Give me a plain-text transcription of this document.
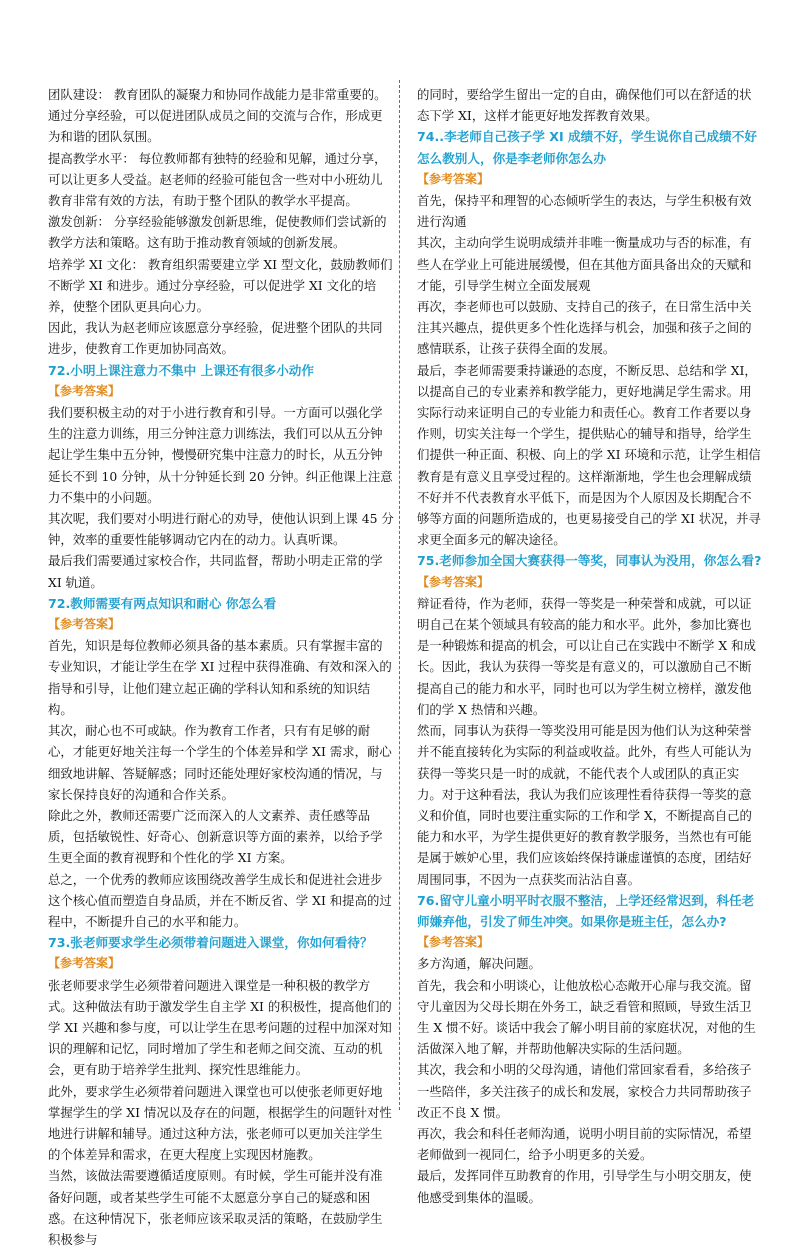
团队建设： 教育团队的凝聚力和协同作战能力是非常重要的。通过分享经验，可以促进团队成员之间的交流与合作，形成更为和谐的团队氛围。

提高教学水平： 每位教师都有独特的经验和见解，通过分享，可以让更多人受益。赵老师的经验可能包含一些对中小班幼儿教育非常有效的方法，有助于整个团队的教学水平提高。

激发创新： 分享经验能够激发创新思维，促使教师们尝试新的教学方法和策略。这有助于推动教育领域的创新发展。

培养学 XI 文化： 教育组织需要建立学 XI 型文化，鼓励教师们不断学 XI 和进步。通过分享经验，可以促进学 XI 文化的培养，使整个团队更具向心力。

因此，我认为赵老师应该愿意分享经验，促进整个团队的共同进步，使教育工作更加协同高效。

72.小明上课注意力不集中 上课还有很多小动作

【参考答案】

我们要积极主动的对于小进行教育和引导。一方面可以强化学生的注意力训练，用三分钟注意力训练法，我们可以从五分钟起让学生集中五分钟，慢慢研究集中注意力的时长，从五分钟延长不到 10 分钟，从十分钟延长到 20 分钟。纠正他课上注意力不集中的小问题。

其次呢，我们要对小明进行耐心的劝导，使他认识到上课 45 分钟，效率的重要性能够调动它内在的动力。认真听课。

最后我们需要通过家校合作，共同监督，帮助小明走正常的学 XI 轨道。

72.教师需要有两点知识和耐心 你怎么看

【参考答案】

首先，知识是每位教师必须具备的基本素质。只有掌握丰富的专业知识，才能让学生在学 XI 过程中获得准确、有效和深入的指导和引导，让他们建立起正确的学科认知和系统的知识结构。

其次，耐心也不可或缺。作为教育工作者，只有有足够的耐心，才能更好地关注每一个学生的个体差异和学 XI 需求，耐心细致地讲解、答疑解惑；同时还能处理好家校沟通的情况，与家长保持良好的沟通和合作关系。

除此之外，教师还需要广泛而深入的人文素养、责任感等品质，包括敏锐性、好奇心、创新意识等方面的素养，以给予学生更全面的教育视野和个性化的学 XI 方案。

总之，一个优秀的教师应该围绕改善学生成长和促进社会进步这个核心值而塑造自身品质，并在不断反省、学 XI 和提高的过程中，不断提升自己的水平和能力。

73.张老师要求学生必须带着问题进入课堂，你如何看待？

【参考答案】

张老师要求学生必须带着问题进入课堂是一种积极的教学方式。这种做法有助于激发学生自主学 XI 的积极性，提高他们的学 XI 兴趣和参与度，可以让学生在思考问题的过程中加深对知识的理解和记忆，同时增加了学生和老师之间交流、互动的机会，更有助于培养学生批判、探究性思维能力。

此外，要求学生必须带着问题进入课堂也可以使张老师更好地掌握学生的学 XI 情况以及存在的问题，根据学生的问题针对性地进行讲解和辅导。通过这种方法，张老师可以更加关注学生的个体差异和需求，在更大程度上实现因材施教。

当然，该做法需要遵循适度原则。有时候，学生可能并没有准备好问题，或者某些学生可能不太愿意分享自己的疑惑和困惑。在这种情况下，张老师应该采取灵活的策略，在鼓励学生积极参与

的同时，要给学生留出一定的自由，确保他们可以在舒适的状态下学 XI，这样才能更好地发挥教育效果。

74..李老师自己孩子学 XI 成绩不好，学生说你自己成绩不好怎么教别人，你是李老师你怎么办

【参考答案】

首先，保持平和理智的心态倾听学生的表达，与学生积极有效进行沟通

其次，主动向学生说明成绩并非唯一衡量成功与否的标准，有些人在学业上可能进展缓慢，但在其他方面具备出众的天赋和才能，引导学生树立全面发展观

再次，李老师也可以鼓励、支持自己的孩子，在日常生活中关注其兴趣点，提供更多个性化选择与机会，加强和孩子之间的感情联系，让孩子获得全面的发展。

最后，李老师需要秉持谦逊的态度，不断反思、总结和学 XI，以提高自己的专业素养和教学能力，更好地满足学生需求。用实际行动来证明自己的专业能力和责任心。教育工作者要以身作则，切实关注每一个学生，提供贴心的辅导和指导，给学生们提供一种正面、积极、向上的学 XI 环境和示范，让学生相信教育是有意义且享受过程的。这样渐渐地，学生也会理解成绩不好并不代表教育水平低下，而是因为个人原因及长期配合不够等方面的问题所造成的，也更易接受自己的学 XI 状况，并寻求更全面多元的解决途径。

75.老师参加全国大赛获得一等奖，同事认为没用，你怎么看?

【参考答案】

辩证看待，作为老师，获得一等奖是一种荣誉和成就，可以证明自己在某个领域具有较高的能力和水平。此外，参加比赛也是一种锻炼和提高的机会，可以让自己在实践中不断学 X 和成长。因此，我认为获得一等奖是有意义的，可以激励自己不断提高自己的能力和水平，同时也可以为学生树立榜样，激发他们的学 X 热情和兴趣。

然而，同事认为获得一等奖没用可能是因为他们认为这种荣誉并不能直接转化为实际的利益或收益。此外，有些人可能认为获得一等奖只是一时的成就，不能代表个人或团队的真正实力。对于这种看法，我认为我们应该理性看待获得一等奖的意义和价值，同时也要注重实际的工作和学 X，不断提高自己的能力和水平，为学生提供更好的教育教学服务，当然也有可能是属于嫉妒心里，我们应该始终保持谦虚谨慎的态度，团结好周围同事，不因为一点获奖而沾沾自喜。

76.留守儿童小明平时衣服不整洁，上学还经常迟到，科任老师嫌弃他，引发了师生冲突。如果你是班主任，怎么办?

【参考答案】

多方沟通，解决问题。

首先，我会和小明谈心，让他放松心态敞开心扉与我交流。留守儿童因为父母长期在外务工，缺乏看管和照顾，导致生活卫生 X 惯不好。谈话中我会了解小明目前的家庭状况，对他的生活做深入地了解，并帮助他解决实际的生活问题。

其次，我会和小明的父母沟通，请他们常回家看看，多给孩子一些陪伴，多关注孩子的成长和发展，家校合力共同帮助孩子改正不良 X 惯。

再次，我会和科任老师沟通，说明小明目前的实际情况，希望老师做到一视同仁，给予小明更多的关爱。

最后，发挥同伴互助教育的作用，引导学生与小明交朋友，使他感受到集体的温暖。
